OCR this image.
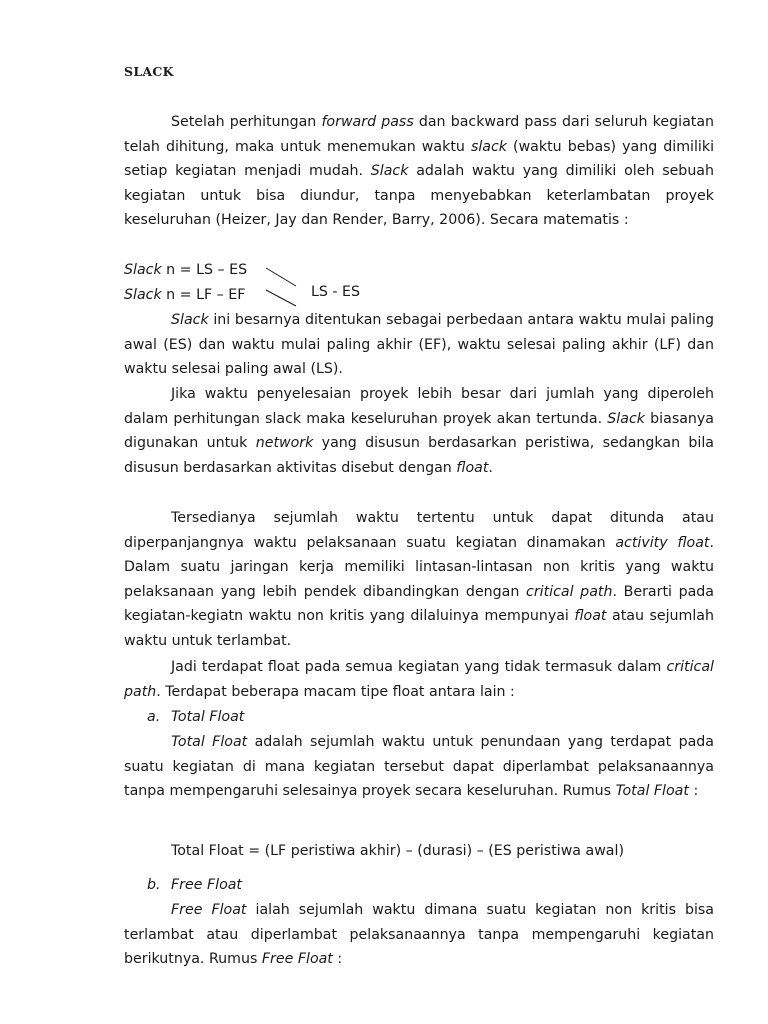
SLACK

Setelah perhitungan forward pass dan backward pass dari seluruh kegiatan telah dihitung, maka untuk menemukan waktu slack (waktu bebas) yang dimiliki setiap kegiatan menjadi mudah. Slack adalah waktu yang dimiliki oleh sebuah kegiatan untuk bisa diundur, tanpa menyebabkan keterlambatan proyek keseluruhan (Heizer, Jay dan Render, Barry, 2006). Secara matematis :

Slack n = LS – ES
Slack n = LF – EF	LS - ES

Slack ini besarnya ditentukan sebagai perbedaan antara waktu mulai paling awal (ES) dan waktu mulai paling akhir (EF), waktu selesai paling akhir (LF) dan waktu selesai paling awal (LS).

Jika waktu penyelesaian proyek lebih besar dari jumlah yang diperoleh dalam perhitungan slack maka keseluruhan proyek akan tertunda. Slack biasanya digunakan untuk network yang disusun berdasarkan peristiwa, sedangkan bila disusun berdasarkan aktivitas disebut dengan float.

Tersedianya sejumlah waktu tertentu untuk dapat ditunda atau diperpanjangnya waktu pelaksanaan suatu kegiatan dinamakan activity float. Dalam suatu jaringan kerja memiliki lintasan-lintasan non kritis yang waktu pelaksanaan yang lebih pendek dibandingkan dengan critical path. Berarti pada kegiatan-kegiatn waktu non kritis yang dilaluinya mempunyai float atau sejumlah waktu untuk terlambat.

Jadi terdapat float pada semua kegiatan yang tidak termasuk dalam critical path. Terdapat beberapa macam tipe float antara lain :

a. Total Float

Total Float adalah sejumlah waktu untuk penundaan yang terdapat pada suatu kegiatan di mana kegiatan tersebut dapat diperlambat pelaksanaannya tanpa mempengaruhi selesainya proyek secara keseluruhan. Rumus Total Float :

Total Float = (LF peristiwa akhir) – (durasi) – (ES peristiwa awal)
b. Free Float

Free Float ialah sejumlah waktu dimana suatu kegiatan non kritis bisa terlambat atau diperlambat pelaksanaannya tanpa mempengaruhi kegiatan berikutnya. Rumus Free Float :
